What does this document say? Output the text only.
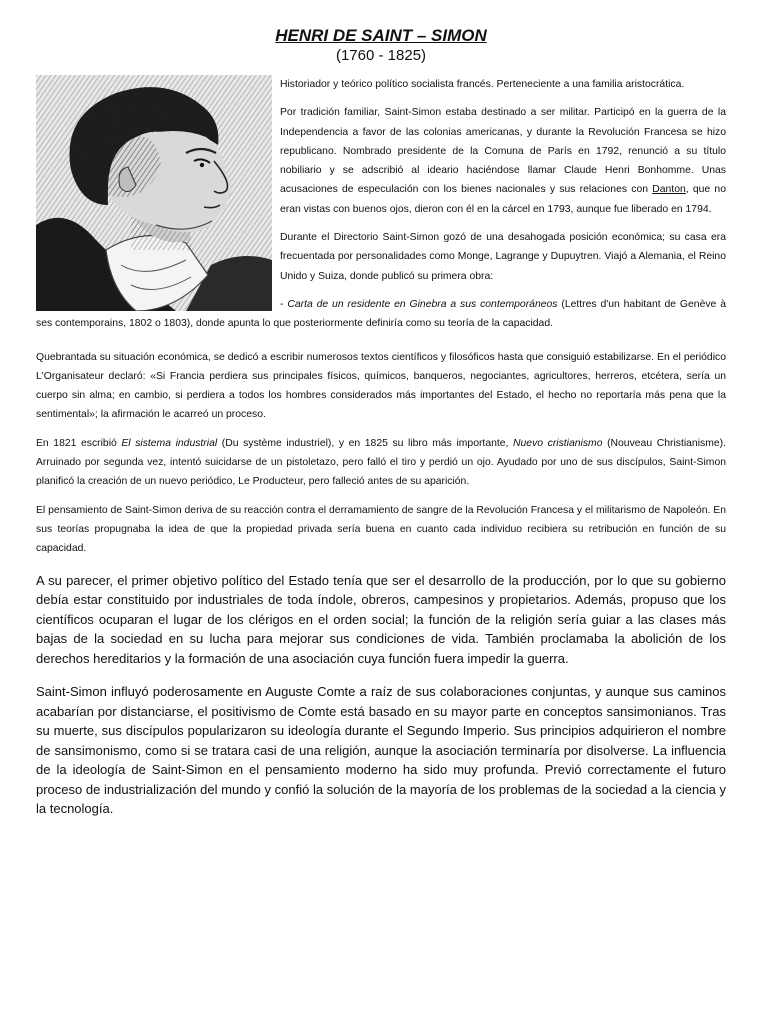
HENRI DE SAINT – SIMON
(1760 - 1825)

Historiador y teórico político socialista francés. Perteneciente a una familia aristocrática.

Por tradición familiar, Saint-Simon estaba destinado a ser militar. Participó en la guerra de la Independencia a favor de las colonias americanas, y durante la Revolución Francesa se hizo republicano. Nombrado presidente de la Comuna de París en 1792, renunció a su título nobiliario y se adscribió al ideario haciéndose llamar Claude Henri Bonhomme. Unas acusaciones de especulación con los bienes nacionales y sus relaciones con Danton, que no eran vistas con buenos ojos, dieron con él en la cárcel en 1793, aunque fue liberado en 1794.

Durante el Directorio Saint-Simon gozó de una desahogada posición económica; su casa era frecuentada por personalidades como Monge, Lagrange y Dupuytren. Viajó a Alemania, el Reino Unido y Suiza, donde publicó su primera obra:

- Carta de un residente en Ginebra a sus contemporáneos (Lettres d'un habitant de Genève à ses contemporains, 1802 o 1803), donde apunta lo que posteriormente definiría como su teoría de la capacidad.

Quebrantada su situación económica, se dedicó a escribir numerosos textos científicos y filosóficos hasta que consiguió estabilizarse. En el periódico L'Organisateur declaró: «Si Francia perdiera sus principales físicos, químicos, banqueros, negociantes, agricultores, herreros, etcétera, sería un cuerpo sin alma; en cambio, si perdiera a todos los hombres considerados más importantes del Estado, el hecho no reportaría más pena que la sentimental»; la afirmación le acarreó un proceso.

En 1821 escribió El sistema industrial (Du système industriel), y en 1825 su libro más importante, Nuevo cristianismo (Nouveau Christianisme). Arruinado por segunda vez, intentó suicidarse de un pistoletazo, pero falló el tiro y perdió un ojo. Ayudado por uno de sus discípulos, Saint-Simon planificó la creación de un nuevo periódico, Le Producteur, pero falleció antes de su aparición.

El pensamiento de Saint-Simon deriva de su reacción contra el derramamiento de sangre de la Revolución Francesa y el militarismo de Napoleón. En sus teorías propugnaba la idea de que la propiedad privada sería buena en cuanto cada individuo recibiera su retribución en función de su capacidad.

A su parecer, el primer objetivo político del Estado tenía que ser el desarrollo de la producción, por lo que su gobierno debía estar constituido por industriales de toda índole, obreros, campesinos y propietarios. Además, propuso que los científicos ocuparan el lugar de los clérigos en el orden social; la función de la religión sería guiar a las clases más bajas de la sociedad en su lucha para mejorar sus condiciones de vida. También proclamaba la abolición de los derechos hereditarios y la formación de una asociación cuya función fuera impedir la guerra.

Saint-Simon influyó poderosamente en Auguste Comte a raíz de sus colaboraciones conjuntas, y aunque sus caminos acabarían por distanciarse, el positivismo de Comte está basado en su mayor parte en conceptos sansimonianos. Tras su muerte, sus discípulos popularizaron su ideología durante el Segundo Imperio. Sus principios adquirieron el nombre de sansimonismo, como si se tratara casi de una religión, aunque la asociación terminaría por disolverse. La influencia de la ideología de Saint-Simon en el pensamiento moderno ha sido muy profunda. Previó correctamente el futuro proceso de industrialización del mundo y confió la solución de la mayoría de los problemas de la sociedad a la ciencia y la tecnología.
